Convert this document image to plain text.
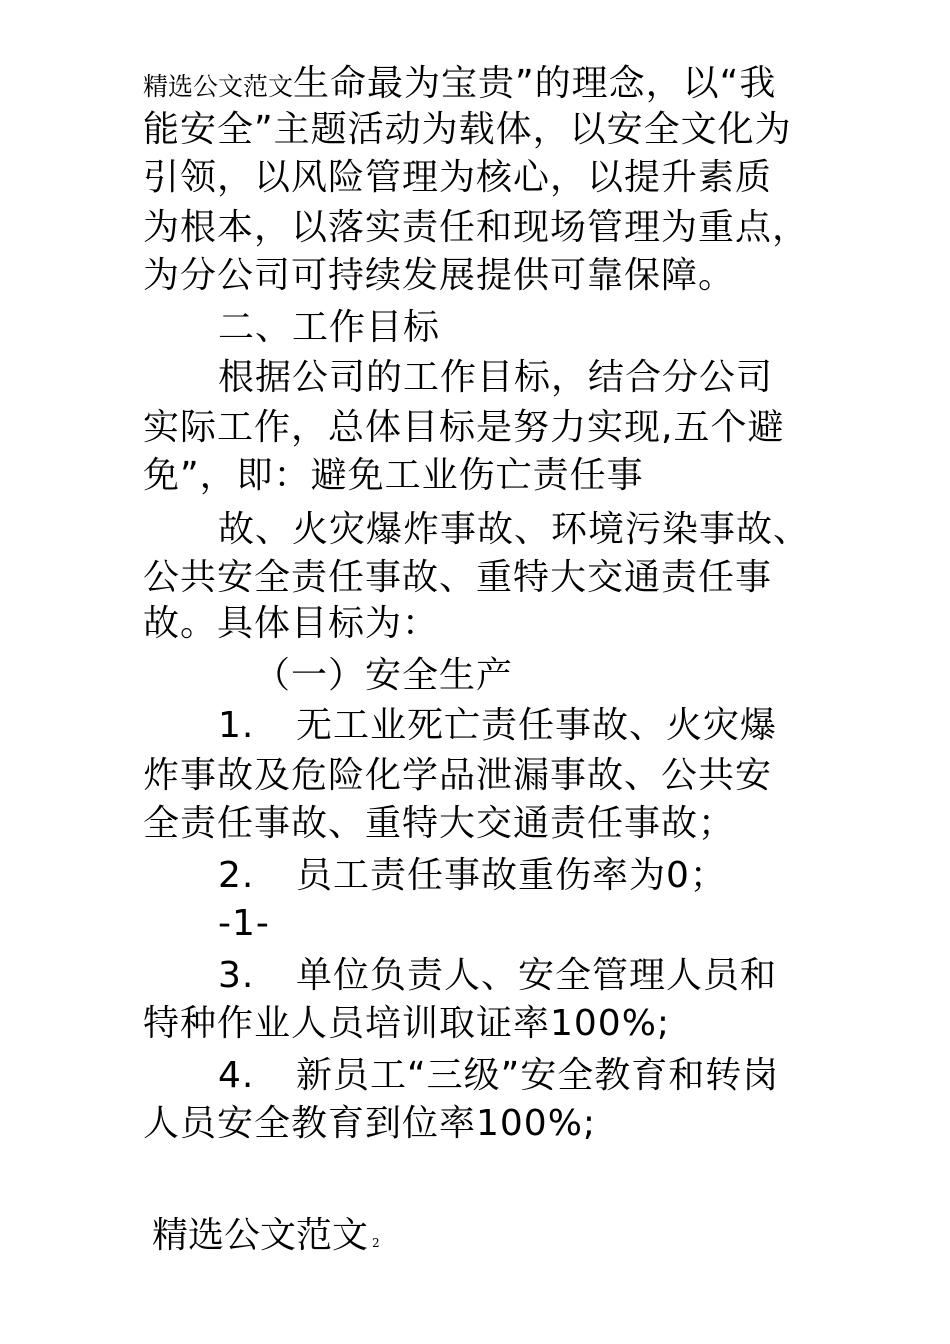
精选公文范文生命最为宝贵”的理念，以“我
能安全”主题活动为载体，以安全文化为
引领，以风险管理为核心，以提升素质
为根本，以落实责任和现场管理为重点，
为分公司可持续发展提供可靠保障。
二、工作目标
根据公司的工作目标，结合分公司
实际工作，总体目标是努力实现,五个避
免”，即：避免工业伤亡责任事
故、火灾爆炸事故、环境污染事故、
公共安全责任事故、重特大交通责任事
故。具体目标为：
（一）安全生产
1. 无工业死亡责任事故、火灾爆
炸事故及危险化学品泄漏事故、公共安
全责任事故、重特大交通责任事故；
2. 员工责任事故重伤率为0；
-1-
3. 单位负责人、安全管理人员和
特种作业人员培训取证率100%;
4. 新员工“三级”安全教育和转岗
人员安全教育到位率100%;
精选公文范文 2
